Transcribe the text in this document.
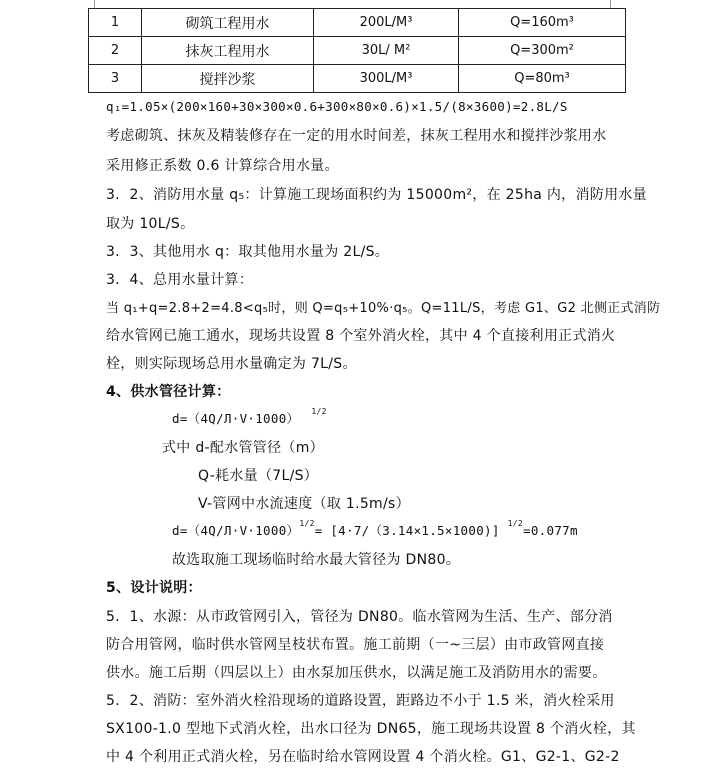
1	砌筑工程用水	200L/M³	Q=160m³
2	抹灰工程用水	30L/ M²	Q=300m²
3	搅拌沙浆	300L/M³	Q=80m³
q₁=1.05×(200×160+30×300×0.6+300×80×0.6)×1.5/(8×3600)=2.8L/S
考虑砌筑、抹灰及精装修存在一定的用水时间差，抹灰工程用水和搅拌沙浆用水
采用修正系数 0.6 计算综合用水量。
3．2、消防用水量 q₅：计算施工现场面积约为 15000m²，在 25ha 内，消防用水量
取为 10L/S。
3．3、其他用水 q：取其他用水量为 2L/S。
3．4、总用水量计算：
当 q₁+q=2.8+2=4.8<q₅时，则 Q=q₅+10%·q₅。Q=11L/S，考虑 G1、G2 北侧正式消防
给水管网已施工通水，现场共设置 8 个室外消火栓，其中 4 个直接利用正式消火
栓，则实际现场总用水量确定为 7L/S。
4、供水管径计算：
d=（4Q/Л·V·1000） $^{1/2}$
式中 d-配水管管径（m）
Q-耗水量（7L/S）
V-管网中水流速度（取 1.5m/s）
$d=(4Q/Л\cdot V\cdot 1000)^{1/2}= [4\cdot 7/(3.14\times 1.5\times 1000)]$ $^{1/2}$=0.077m
故选取施工现场临时给水最大管径为 DN80。
5、设计说明：
5．1、水源：从市政管网引入，管径为 DN80。临水管网为生活、生产、部分消
防合用管网，临时供水管网呈枝状布置。施工前期（一~三层）由市政管网直接
供水。施工后期（四层以上）由水泵加压供水，以满足施工及消防用水的需要。
5．2、消防：室外消火栓沿现场的道路设置，距路边不小于 1.5 米，消火栓采用
SX100-1.0 型地下式消火栓，出水口径为 DN65，施工现场共设置 8 个消火栓，其
中 4 个利用正式消火栓，另在临时给水管网设置 4 个消火栓。G1、G2-1、G2-2
